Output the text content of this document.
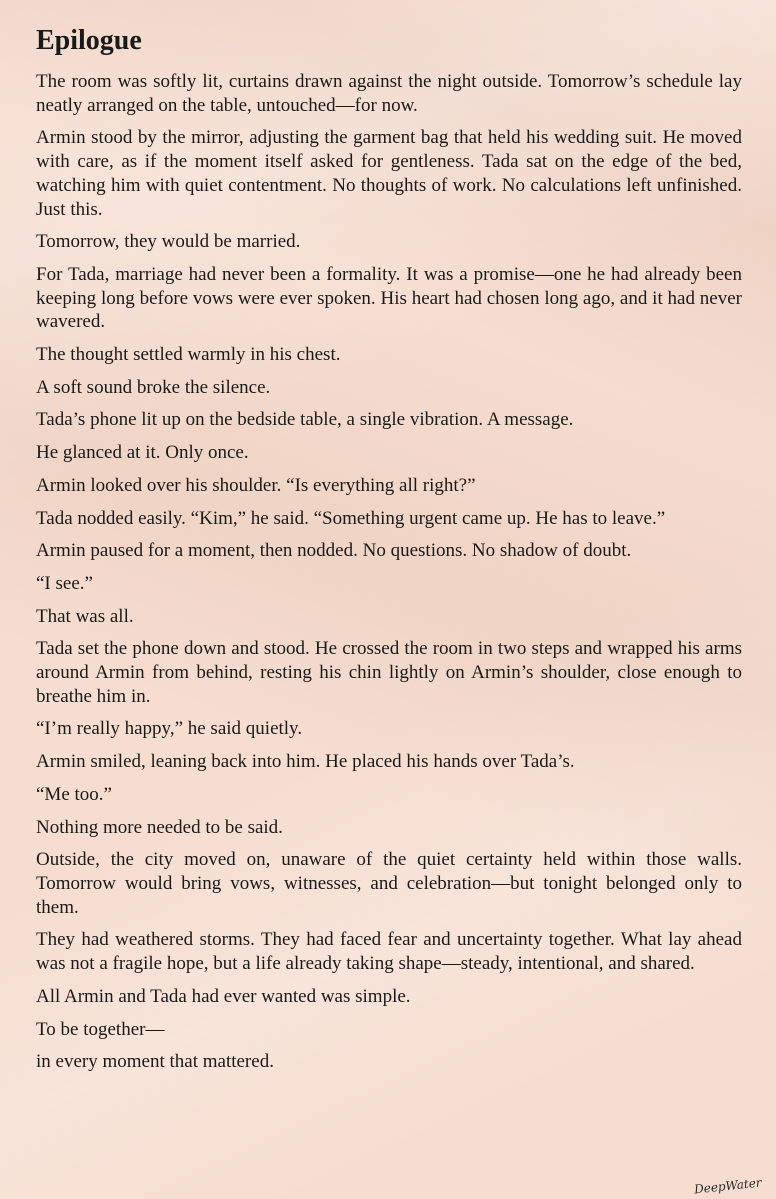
Epilogue

The room was softly lit, curtains drawn against the night outside. Tomorrow’s schedule lay neatly arranged on the table, untouched—for now.

Armin stood by the mirror, adjusting the garment bag that held his wedding suit. He moved with care, as if the moment itself asked for gentleness. Tada sat on the edge of the bed, watching him with quiet contentment. No thoughts of work. No calculations left unfinished. Just this.

Tomorrow, they would be married.

For Tada, marriage had never been a formality. It was a promise—one he had already been keeping long before vows were ever spoken. His heart had chosen long ago, and it had never wavered.

The thought settled warmly in his chest.

A soft sound broke the silence.

Tada’s phone lit up on the bedside table, a single vibration. A message.

He glanced at it. Only once.

Armin looked over his shoulder. “Is everything all right?”

Tada nodded easily. “Kim,” he said. “Something urgent came up. He has to leave.”

Armin paused for a moment, then nodded. No questions. No shadow of doubt.

“I see.”

That was all.

Tada set the phone down and stood. He crossed the room in two steps and wrapped his arms around Armin from behind, resting his chin lightly on Armin’s shoulder, close enough to breathe him in.

“I’m really happy,” he said quietly.

Armin smiled, leaning back into him. He placed his hands over Tada’s.

“Me too.”

Nothing more needed to be said.

Outside, the city moved on, unaware of the quiet certainty held within those walls. Tomorrow would bring vows, witnesses, and celebration—but tonight belonged only to them.

They had weathered storms. They had faced fear and uncertainty together. What lay ahead was not a fragile hope, but a life already taking shape—steady, intentional, and shared.

All Armin and Tada had ever wanted was simple.

To be together—

in every moment that mattered.

DeepWater
